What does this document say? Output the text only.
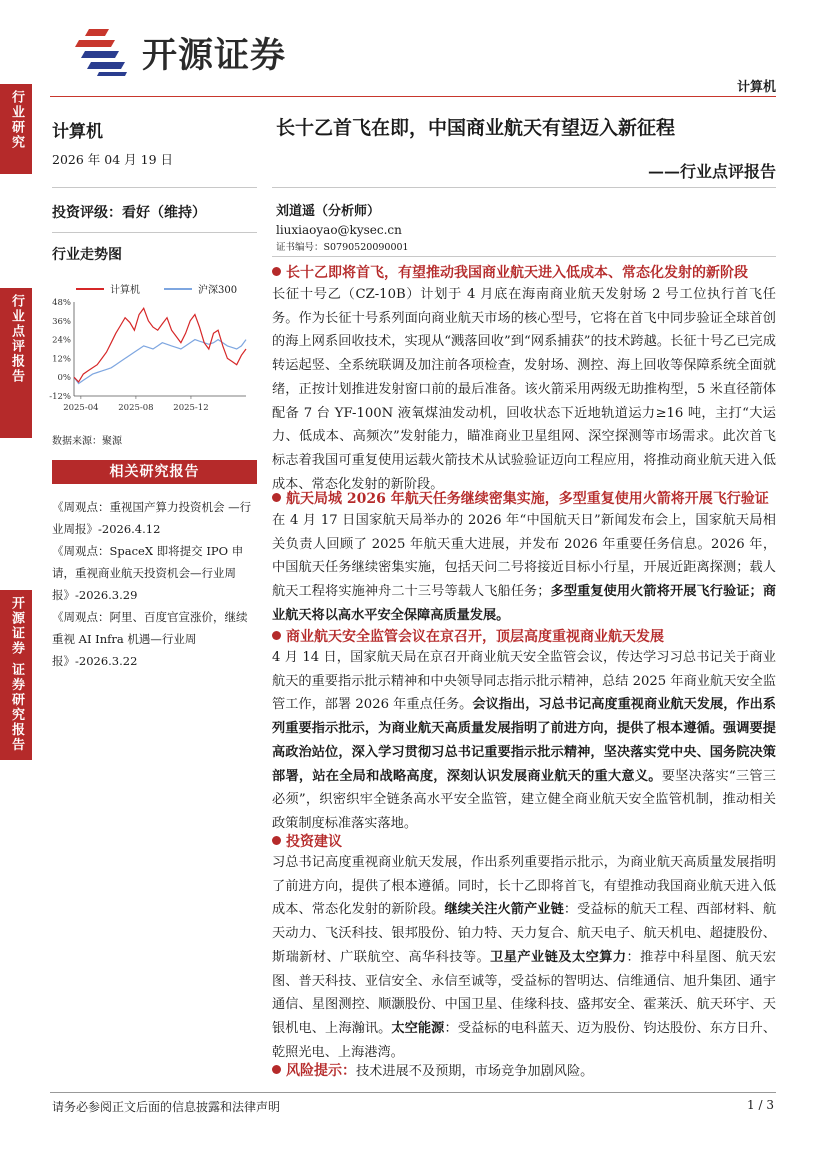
开源证券
计算机
行业研究
行业点评报告
开源证券 证券研究报告
计算机
2026 年 04 月 19 日
投资评级：看好（维持）
行业走势图
计算机	沪深300
48%
36%
24%
12%
0%
-12%
2025-04 2025-08 2025-12
数据来源：聚源
相关研究报告
《周观点：重视国产算力投资机会 —行业周报》-2026.4.12
《周观点：SpaceX 即将提交 IPO 申请，重视商业航天投资机会—行业周报》-2026.3.29
《周观点：阿里、百度官宣涨价，继续重视 AI Infra 机遇—行业周报》-2026.3.22
长十乙首飞在即，中国商业航天有望迈入新征程
——行业点评报告
刘道遥（分析师）
liuxiaoyao@kysec.cn
证书编号：S0790520090001
长十乙即将首飞，有望推动我国商业航天进入低成本、常态化发射的新阶段
长征十号乙（CZ-10B）计划于 4 月底在海南商业航天发射场 2 号工位执行首飞任务。作为长征十号系列面向商业航天市场的核心型号，它将在首飞中同步验证全球首创的海上网系回收技术，实现从“溅落回收”到“网系捕获”的技术跨越。长征十号乙已完成转运起竖、全系统联调及加注前各项检查，发射场、测控、海上回收等保障系统全面就绪，正按计划推进发射窗口前的最后准备。该火箭采用两级无助推构型，5 米直径箭体配备 7 台 YF-100N 液氧煤油发动机，回收状态下近地轨道运力≥16 吨，主打“大运力、低成本、高频次”发射能力，瞄准商业卫星组网、深空探测等市场需求。此次首飞标志着我国可重复使用运载火箭技术从试验验证迈向工程应用，将推动商业航天进入低成本、常态化发射的新阶段。
航天局城 2026 年航天任务继续密集实施，多型重复使用火箭将开展飞行验证
在 4 月 17 日国家航天局举办的 2026 年“中国航天日”新闻发布会上，国家航天局相关负责人回顾了 2025 年航天重大进展，并发布 2026 年重要任务信息。2026 年，中国航天任务继续密集实施，包括天问二号将接近目标小行星，开展近距离探测；载人航天工程将实施神舟二十三号等载人飞船任务；多型重复使用火箭将开展飞行验证；商业航天将以高水平安全保障高质量发展。
商业航天安全监管会议在京召开，顶层高度重视商业航天发展
4 月 14 日，国家航天局在京召开商业航天安全监管会议，传达学习习总书记关于商业航天的重要指示批示精神和中央领导同志指示批示精神，总结 2025 年商业航天安全监管工作，部署 2026 年重点任务。会议指出，习总书记高度重视商业航天发展，作出系列重要指示批示，为商业航天高质量发展指明了前进方向，提供了根本遵循。强调要提高政治站位，深入学习贯彻习总书记重要指示批示精神，坚决落实党中央、国务院决策部署，站在全局和战略高度，深刻认识发展商业航天的重大意义。要坚决落实“三管三必须”，织密织牢全链条高水平安全监管，建立健全商业航天安全监管机制，推动相关政策制度标准落实落地。
投资建议
习总书记高度重视商业航天发展，作出系列重要指示批示，为商业航天高质量发展指明了前进方向，提供了根本遵循。同时，长十乙即将首飞，有望推动我国商业航天进入低成本、常态化发射的新阶段。继续关注火箭产业链：受益标的航天工程、西部材料、航天动力、飞沃科技、银邦股份、铂力特、天力复合、航天电子、航天机电、超捷股份、斯瑞新材、广联航空、高华科技等。卫星产业链及太空算力：推荐中科星图、航天宏图、普天科技、亚信安全、永信至诚等，受益标的智明达、信维通信、旭升集团、通宇通信、星图测控、顺灏股份、中国卫星、佳缘科技、盛邦安全、霍莱沃、航天环宇、天银机电、上海瀚讯。太空能源：受益标的电科蓝天、迈为股份、钧达股份、东方日升、乾照光电、上海港湾。
风险提示：技术进展不及预期，市场竞争加剧风险。
请务必参阅正文后面的信息披露和法律声明	1 / 3
